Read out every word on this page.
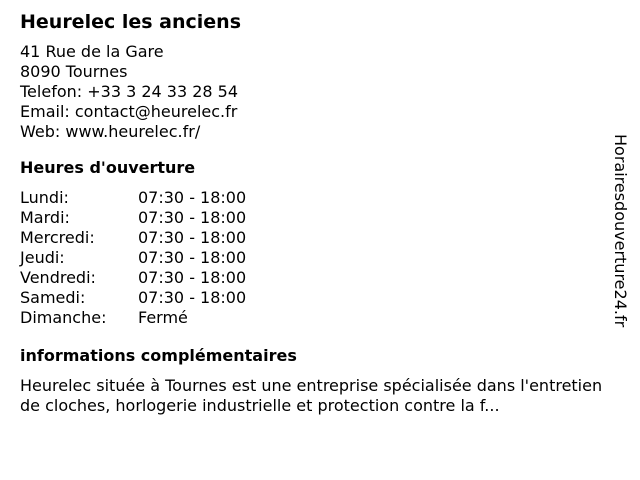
Heurelec les anciens
41 Rue de la Gare
8090 Tournes
Telefon: +33 3 24 33 28 54
Email: contact@heurelec.fr
Web: www.heurelec.fr/
Heures d'ouverture
Lundi:	07:30 - 18:00
Mardi:	07:30 - 18:00
Mercredi:	07:30 - 18:00
Jeudi:	07:30 - 18:00
Vendredi:	07:30 - 18:00
Samedi:	07:30 - 18:00
Dimanche:	Fermé
informations complémentaires
Heurelec située à Tournes est une entreprise spécialisée dans l'entretien de cloches, horlogerie industrielle et protection contre la f...
Horairesdouverture24.fr
